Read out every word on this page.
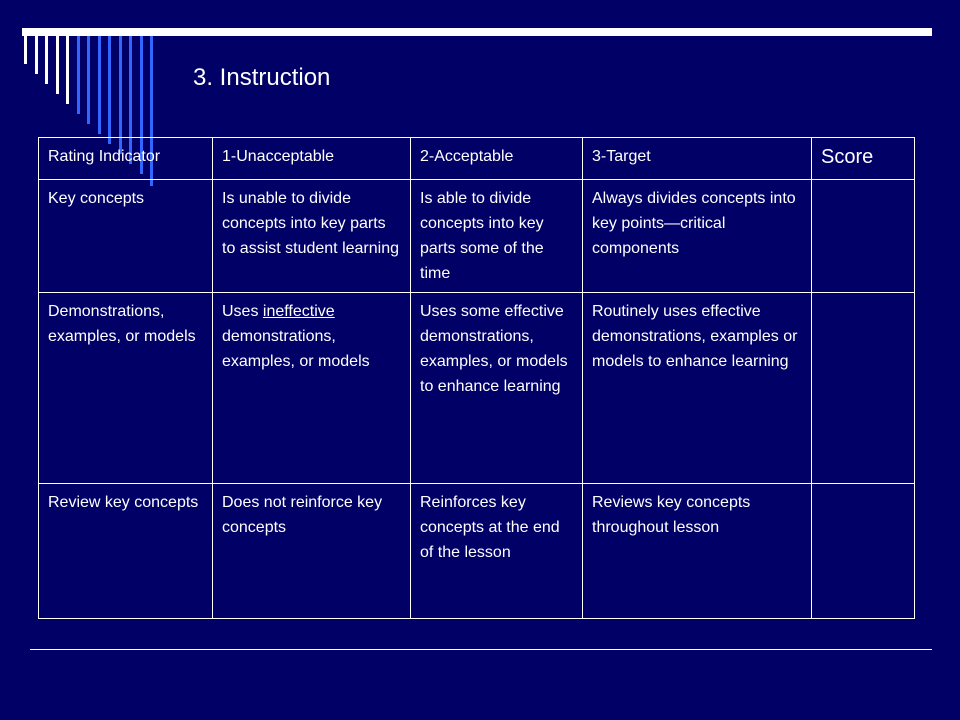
3. Instruction
Rating Indicator	1-Unacceptable	2-Acceptable	3-Target	Score
Key concepts	Is unable to divide concepts into key parts to assist student learning	Is able to divide concepts into key parts some of the time	Always divides concepts into key points—critical components	
Demonstrations, examples, or models	Uses ineffective demonstrations, examples, or models	Uses some effective demonstrations, examples, or models to enhance learning	Routinely uses effective demonstrations, examples or models to enhance learning	
Review key concepts	Does not reinforce key concepts	Reinforces key concepts at the end of the lesson	Reviews key concepts throughout lesson	
